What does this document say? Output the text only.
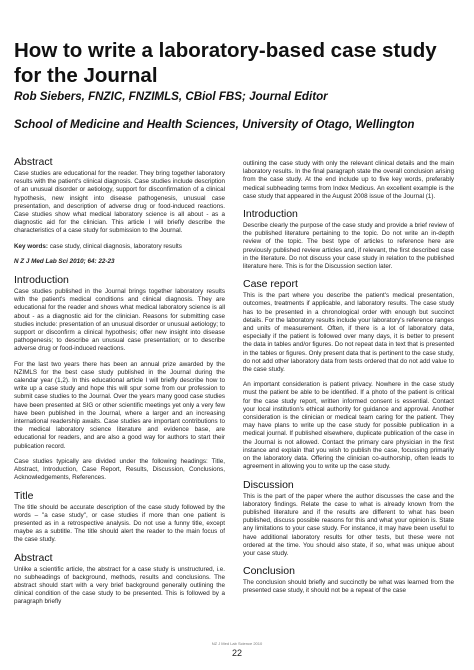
How to write a laboratory-based case study for the Journal

Rob Siebers, FNZIC, FNZIMLS, CBiol FBS; Journal Editor

School of Medicine and Health Sciences, University of Otago, Wellington

Abstract

Case studies are educational for the reader. They bring together laboratory results with the patient's clinical diagnosis. Case studies include description of an unusual disorder or aetiology, support for disconfirmation of a clinical hypothesis, new insight into disease pathogenesis, unusual case presentation, and description of adverse drug or food-induced reactions. Case studies show what medical laboratory science is all about - as a diagnostic aid for the clinician. This article I will briefly describe the characteristics of a case study for submission to the Journal.

Key words: case study, clinical diagnosis, laboratory results

N Z J Med Lab Sci 2010; 64: 22-23

Introduction

Case studies published in the Journal brings together laboratory results with the patient's medical conditions and clinical diagnosis. They are educational for the reader and shows what medical laboratory science is all about - as a diagnostic aid for the clinician. Reasons for submitting case studies include: presentation of an unusual disorder or unusual aetiology; to support or disconfirm a clinical hypothesis; offer new insight into disease pathogenesis; to describe an unusual case presentation; or to describe adverse drug or food-induced reactions.

For the last two years there has been an annual prize awarded by the NZIMLS for the best case study published in the Journal during the calendar year (1,2). In this educational article I will briefly describe how to write up a case study and hope this will spur some from our profession to submit case studies to the Journal. Over the years many good case studies have been presented at SIG or other scientific meetings yet only a very few have been published in the Journal, where a larger and an increasing international readership awaits. Case studies are important contributions to the medical laboratory science literature and evidence base, are educational for readers, and are also a good way for authors to start their publication record.

Case studies typically are divided under the following headings: Title, Abstract, Introduction, Case Report, Results, Discussion, Conclusions, Acknowledgements, References.

Title

The title should be accurate description of the case study followed by the words – "a case study", or case studies if more than one patient is presented as in a retrospective analysis. Do not use a funny title, except maybe as a subtitle. The title should alert the reader to the main focus of the case study.

Abstract

Unlike a scientific article, the abstract for a case study is unstructured, i.e. no subheadings of background, methods, results and conclusions. The abstract should start with a very brief background generally outlining the clinical condition of the case study to be presented. This is followed by a paragraph briefly

outlining the case study with only the relevant clinical details and the main laboratory results. In the final paragraph state the overall conclusion arising from the case study. At the end include up to five key words, preferably medical subheading terms from Index Medicus. An excellent example is the case study that appeared in the August 2008 issue of the Journal (1).

Introduction

Describe clearly the purpose of the case study and provide a brief review of the published literature pertaining to the topic. Do not write an in-depth review of the topic. The best type of articles to reference here are previously published review articles and, if relevant, the first described case in the literature. Do not discuss your case study in relation to the published literature here. This is for the Discussion section later.

Case report

This is the part where you describe the patient's medical presentation, outcomes, treatments if applicable, and laboratory results. The case study has to be presented in a chronological order with enough but succinct details. For the laboratory results include your laboratory's reference ranges and units of measurement. Often, if there is a lot of laboratory data, especially if the patient is followed over many days, it is better to present the data in tables and/or figures. Do not repeat data in text that is presented in the tables or figures. Only present data that is pertinent to the case study, do not add other laboratory data from tests ordered that do not add value to the case study.

An important consideration is patient privacy. Nowhere in the case study must the patient be able to be identified. If a photo of the patient is critical for the case study report, written informed consent is essential. Contact your local institution's ethical authority for guidance and approval. Another consideration is the clinician or medical team caring for the patient. They may have plans to write up the case study for possible publication in a medical journal. If published elsewhere, duplicate publication of the case in the Journal is not allowed. Contact the primary care physician in the first instance and explain that you wish to publish the case, focussing primarily on the laboratory data. Offering the clinician co-authorship, often leads to agreement in allowing you to write up the case study.

Discussion

This is the part of the paper where the author discusses the case and the laboratory findings. Relate the case to what is already known from the published literature and if the results are different to what has been published, discuss possible reasons for this and what your opinion is. State any limitations to your case study. For instance, it may have been useful to have additional laboratory results for other tests, but these were not ordered at the time. You should also state, if so, what was unique about your case study.

Conclusion

The conclusion should briefly and succinctly be what was learned from the presented case study, it should not be a repeat of the case

NZ J Med Lab Science 2010
22
